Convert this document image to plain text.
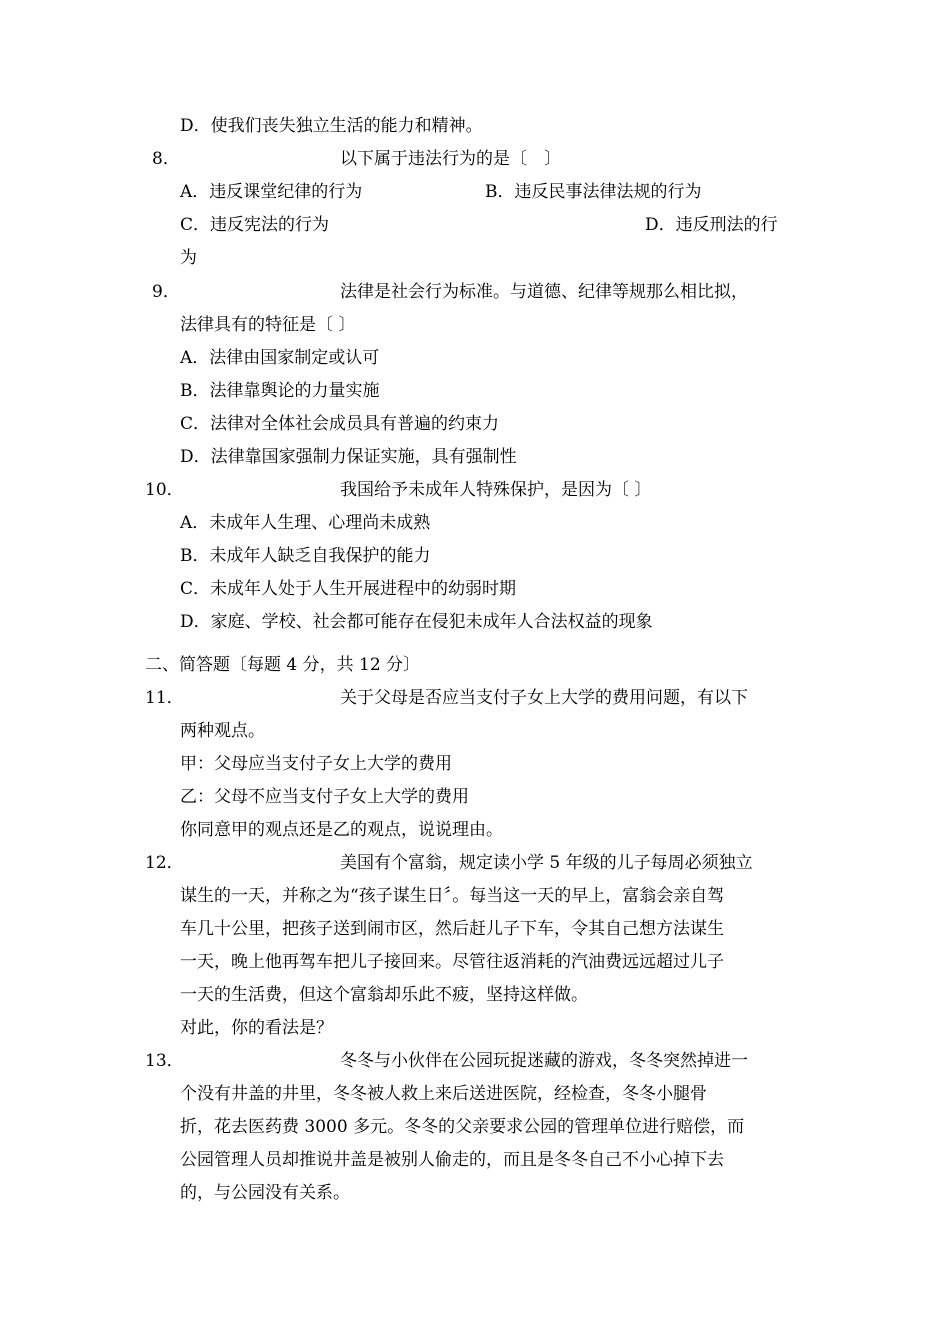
D．使我们丧失独立生活的能力和精神。
8．	以下属于违法行为的是〔　〕
A．违反课堂纪律的行为	B．违反民事法律法规的行为
C．违反宪法的行为	D．违反刑法的行
为
9．	法律是社会行为标准。与道德、纪律等规那么相比拟，
法律具有的特征是〔 〕
A．法律由国家制定或认可
B．法律靠舆论的力量实施
C．法律对全体社会成员具有普遍的约束力
D．法律靠国家强制力保证实施，具有强制性
10．	我国给予未成年人特殊保护，是因为〔 〕
A．未成年人生理、心理尚未成熟
B．未成年人缺乏自我保护的能力
C．未成年人处于人生开展进程中的幼弱时期
D．家庭、学校、社会都可能存在侵犯未成年人合法权益的现象
二、简答题〔每题 4 分，共 12 分〕
11．	关于父母是否应当支付子女上大学的费用问题，有以下
两种观点。
甲：父母应当支付子女上大学的费用
乙：父母不应当支付子女上大学的费用
你同意甲的观点还是乙的观点，说说理由。
12．	美国有个富翁，规定读小学 5 年级的儿子每周必须独立
谋生的一天，并称之为“孩子谋生日〞。每当这一天的早上，富翁会亲自驾
车几十公里，把孩子送到闹市区，然后赶儿子下车，令其自己想方法谋生
一天，晚上他再驾车把儿子接回来。尽管往返消耗的汽油费远远超过儿子
一天的生活费，但这个富翁却乐此不疲，坚持这样做。
对此，你的看法是？
13．	冬冬与小伙伴在公园玩捉迷藏的游戏，冬冬突然掉进一
个没有井盖的井里，冬冬被人救上来后送进医院，经检查，冬冬小腿骨
折，花去医药费 3000 多元。冬冬的父亲要求公园的管理单位进行赔偿，而
公园管理人员却推说井盖是被别人偷走的，而且是冬冬自己不小心掉下去
的，与公园没有关系。
